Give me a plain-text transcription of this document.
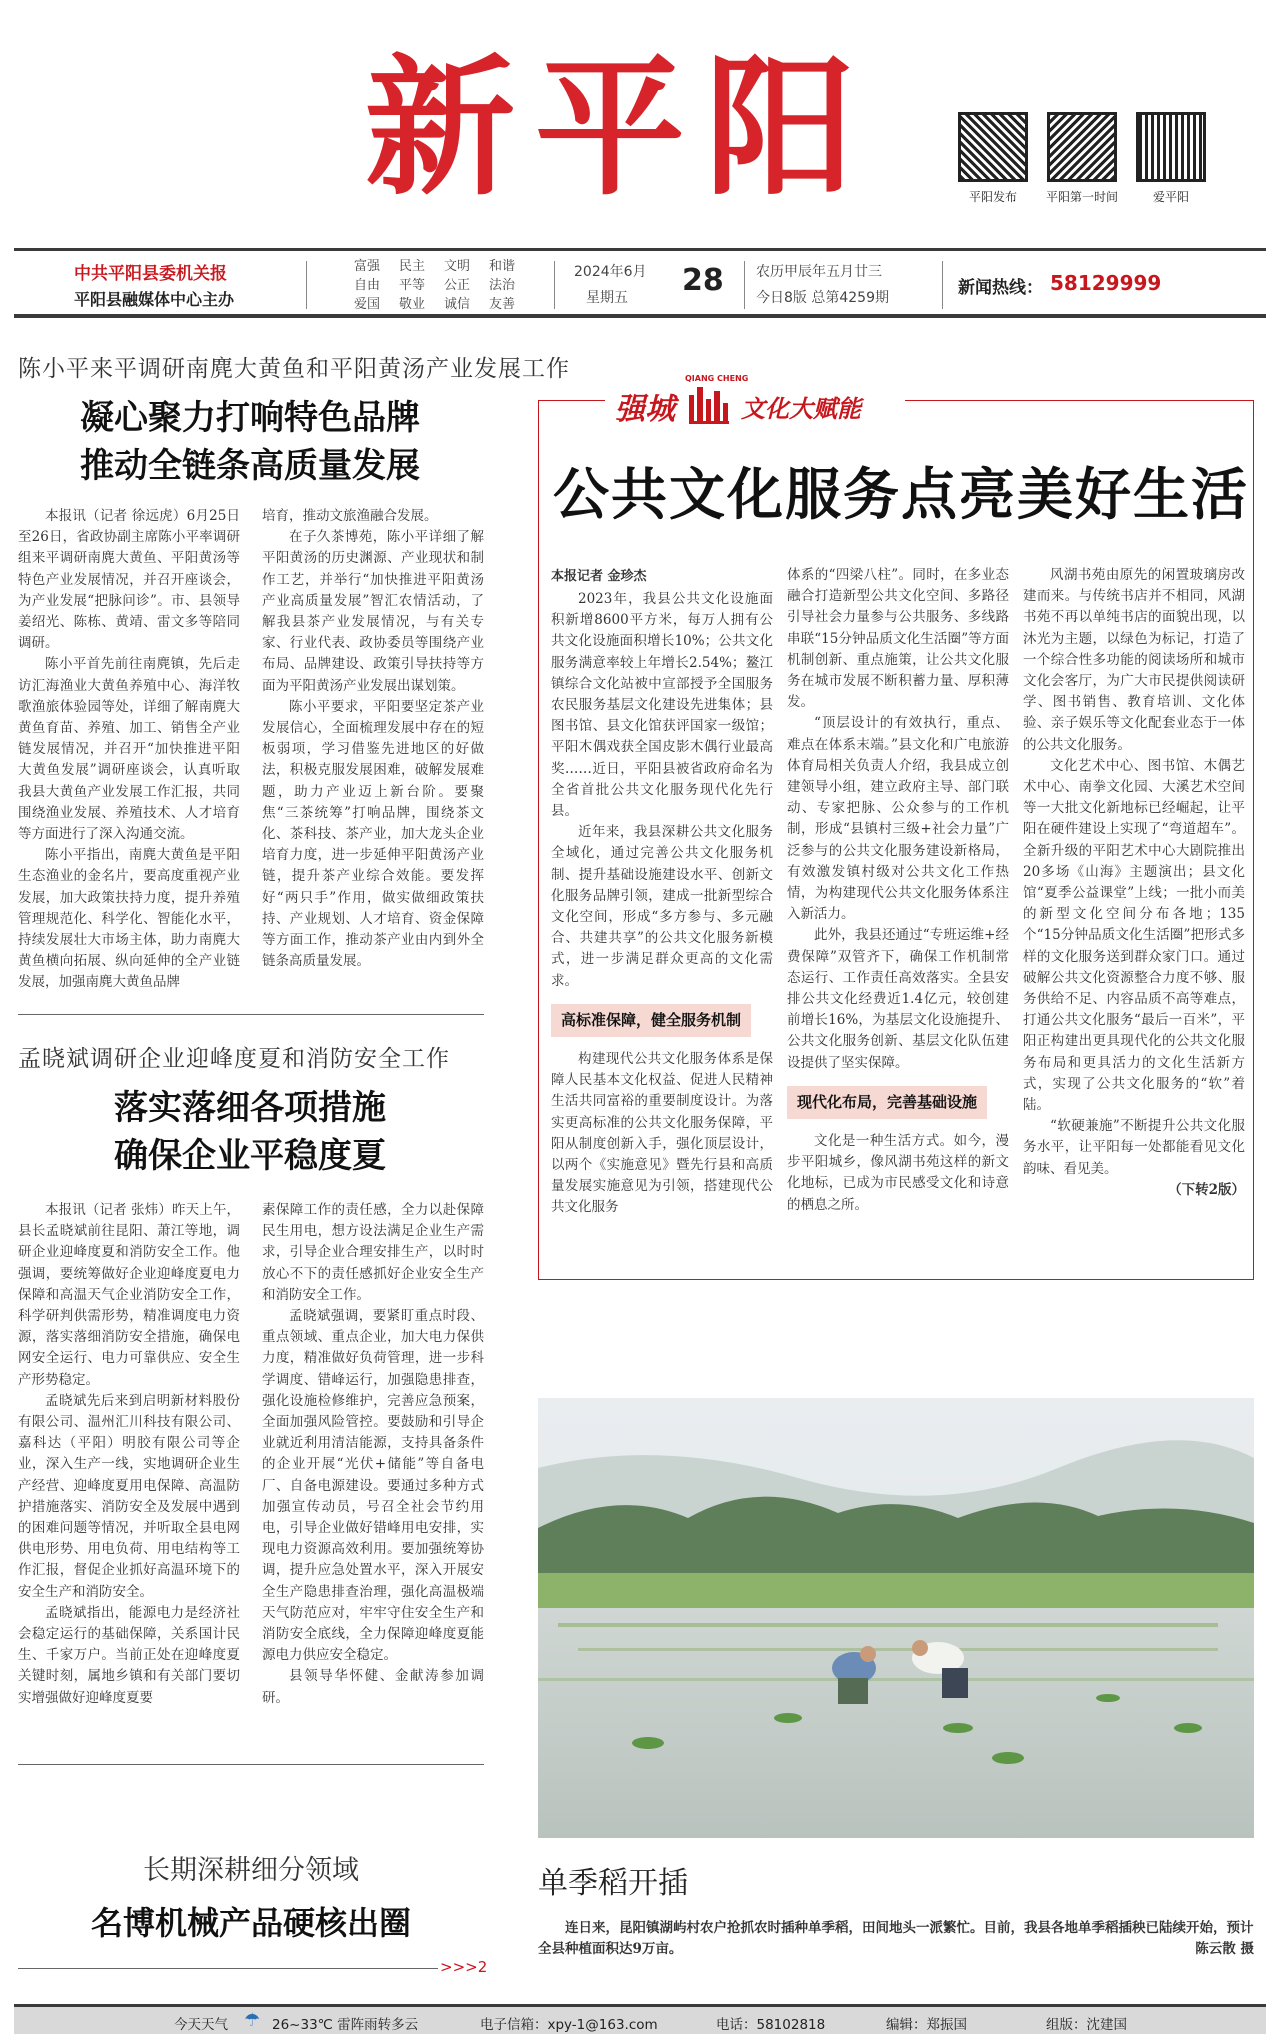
新平阳	平阳发布	平阳第一时间	爱平阳
中共平阳县委机关报
平阳县融媒体中心主办
富强	民主	文明	和谐
自由	平等	公正	法治
爱国	敬业	诚信	友善
2024年6月
星期五 28 农历甲辰年五月廿三
今日8版 总第4259期	新闻热线： 58129999
陈小平来平调研南麂大黄鱼和平阳黄汤产业发展工作
凝心聚力打响特色品牌
推动全链条高质量发展

本报讯（记者 徐远虎）6月25日至26日，省政协副主席陈小平率调研组来平调研南麂大黄鱼、平阳黄汤等特色产业发展情况，并召开座谈会，为产业发展“把脉问诊”。市、县领导姜绍光、陈栋、黄靖、雷文多等陪同调研。

陈小平首先前往南麂镇，先后走访汇海渔业大黄鱼养殖中心、海洋牧歌渔旅体验园等处，详细了解南麂大黄鱼育苗、养殖、加工、销售全产业链发展情况，并召开“加快推进平阳大黄鱼发展”调研座谈会，认真听取我县大黄鱼产业发展工作汇报，共同围绕渔业发展、养殖技术、人才培育等方面进行了深入沟通交流。

陈小平指出，南麂大黄鱼是平阳生态渔业的金名片，要高度重视产业发展，加大政策扶持力度，提升养殖管理规范化、科学化、智能化水平，持续发展壮大市场主体，助力南麂大黄鱼横向拓展、纵向延伸的全产业链发展，加强南麂大黄鱼品牌

培育，推动文旅渔融合发展。

在子久茶博苑，陈小平详细了解平阳黄汤的历史渊源、产业现状和制作工艺，并举行“加快推进平阳黄汤产业高质量发展”智汇农情活动，了解我县茶产业发展情况，与有关专家、行业代表、政协委员等围绕产业布局、品牌建设、政策引导扶持等方面为平阳黄汤产业发展出谋划策。

陈小平要求，平阳要坚定茶产业发展信心，全面梳理发展中存在的短板弱项，学习借鉴先进地区的好做法，积极克服发展困难，破解发展难题，助力产业迈上新台阶。要聚焦“三茶统筹”打响品牌，围绕茶文化、茶科技、茶产业，加大龙头企业培育力度，进一步延伸平阳黄汤产业链，提升茶产业综合效能。要发挥好“两只手”作用，做实做细政策扶持、产业规划、人才培育、资金保障等方面工作，推动茶产业由内到外全链条高质量发展。

孟晓斌调研企业迎峰度夏和消防安全工作
落实落细各项措施
确保企业平稳度夏

本报讯（记者 张炜）昨天上午，县长孟晓斌前往昆阳、萧江等地，调研企业迎峰度夏和消防安全工作。他强调，要统筹做好企业迎峰度夏电力保障和高温天气企业消防安全工作，科学研判供需形势，精准调度电力资源，落实落细消防安全措施，确保电网安全运行、电力可靠供应、安全生产形势稳定。

孟晓斌先后来到启明新材料股份有限公司、温州汇川科技有限公司、嘉科达（平阳）明胶有限公司等企业，深入生产一线，实地调研企业生产经营、迎峰度夏用电保障、高温防护措施落实、消防安全及发展中遇到的困难问题等情况，并听取全县电网供电形势、用电负荷、用电结构等工作汇报，督促企业抓好高温环境下的安全生产和消防安全。

孟晓斌指出，能源电力是经济社会稳定运行的基础保障，关系国计民生、千家万户。当前正处在迎峰度夏关键时刻，属地乡镇和有关部门要切实增强做好迎峰度夏要

素保障工作的责任感，全力以赴保障民生用电，想方设法满足企业生产需求，引导企业合理安排生产，以时时放心不下的责任感抓好企业安全生产和消防安全工作。

孟晓斌强调，要紧盯重点时段、重点领域、重点企业，加大电力保供力度，精准做好负荷管理，进一步科学调度、错峰运行，加强隐患排查，强化设施检修维护，完善应急预案，全面加强风险管控。要鼓励和引导企业就近利用清洁能源，支持具备条件的企业开展“光伏+储能”等自备电厂、自备电源建设。要通过多种方式加强宣传动员，号召全社会节约用电，引导企业做好错峰用电安排，实现电力资源高效利用。要加强统筹协调，提升应急处置水平，深入开展安全生产隐患排查治理，强化高温极端天气防范应对，牢牢守住安全生产和消防安全底线，全力保障迎峰度夏能源电力供应安全稳定。

县领导华怀健、金献涛参加调研。

强城
QIANG CHENG
文化大赋能
公共文化服务点亮美好生活
本报记者 金珍杰

2023年，我县公共文化设施面积新增8600平方米，每万人拥有公共文化设施面积增长10%；公共文化服务满意率较上年增长2.54%；鳌江镇综合文化站被中宣部授予全国服务农民服务基层文化建设先进集体；县图书馆、县文化馆获评国家一级馆；平阳木偶戏获全国皮影木偶行业最高奖……近日，平阳县被省政府命名为全省首批公共文化服务现代化先行县。

近年来，我县深耕公共文化服务全域化，通过完善公共文化服务机制、提升基础设施建设水平、创新文化服务品牌引领，建成一批新型综合文化空间，形成“多方参与、多元融合、共建共享”的公共文化服务新模式，进一步满足群众更高的文化需求。

高标准保障，健全服务机制

构建现代公共文化服务体系是保障人民基本文化权益、促进人民精神生活共同富裕的重要制度设计。为落实更高标准的公共文化服务保障，平阳从制度创新入手，强化顶层设计，以两个《实施意见》暨先行县和高质量发展实施意见为引领，搭建现代公共文化服务

体系的“四梁八柱”。同时，在多业态融合打造新型公共文化空间、多路径引导社会力量参与公共服务、多线路串联“15分钟品质文化生活圈”等方面机制创新、重点施策，让公共文化服务在城市发展不断积蓄力量、厚积薄发。

“顶层设计的有效执行，重点、难点在体系末端。”县文化和广电旅游体育局相关负责人介绍，我县成立创建领导小组，建立政府主导、部门联动、专家把脉、公众参与的工作机制，形成“县镇村三级+社会力量”广泛参与的公共文化服务建设新格局，有效激发镇村级对公共文化工作热情，为构建现代公共文化服务体系注入新活力。

此外，我县还通过“专班运维+经费保障”双管齐下，确保工作机制常态运行、工作责任高效落实。全县安排公共文化经费近1.4亿元，较创建前增长16%，为基层文化设施提升、公共文化服务创新、基层文化队伍建设提供了坚实保障。

现代化布局，完善基础设施

文化是一种生活方式。如今，漫步平阳城乡，像风湖书苑这样的新文化地标，已成为市民感受文化和诗意的栖息之所。

风湖书苑由原先的闲置玻璃房改建而来。与传统书店并不相同，风湖书苑不再以单纯书店的面貌出现，以沐光为主题，以绿色为标记，打造了一个综合性多功能的阅读场所和城市文化会客厅，为广大市民提供阅读研学、图书销售、教育培训、文化体验、亲子娱乐等文化配套业态于一体的公共文化服务。

文化艺术中心、图书馆、木偶艺术中心、南拳文化园、大溪艺术空间等一大批文化新地标已经崛起，让平阳在硬件建设上实现了“弯道超车”。全新升级的平阳艺术中心大剧院推出20多场《山海》主题演出；县文化馆“夏季公益课堂”上线；一批小而美的新型文化空间分布各地；135个“15分钟品质文化生活圈”把形式多样的文化服务送到群众家门口。通过破解公共文化资源整合力度不够、服务供给不足、内容品质不高等难点，打通公共文化服务“最后一百米”，平阳正构建出更具现代化的公共文化服务布局和更具活力的文化生活新方式，实现了公共文化服务的“软”着陆。

“软硬兼施”不断提升公共文化服务水平，让平阳每一处都能看见文化韵味、看见美。

（下转2版）
单季稻开插
连日来，昆阳镇湖屿村农户抢抓农时插种单季稻，田间地头一派繁忙。目前，我县各地单季稻插秧已陆续开始，预计全县种植面积达9万亩。	陈云散 摄
长期深耕细分领域
名博机械产品硬核出圈
>>>2
今天天气 ☂ 26~33℃ 雷阵雨转多云	电子信箱：xpy-1@163.com	电话：58102818	编辑：郑振国	组版：沈建国
